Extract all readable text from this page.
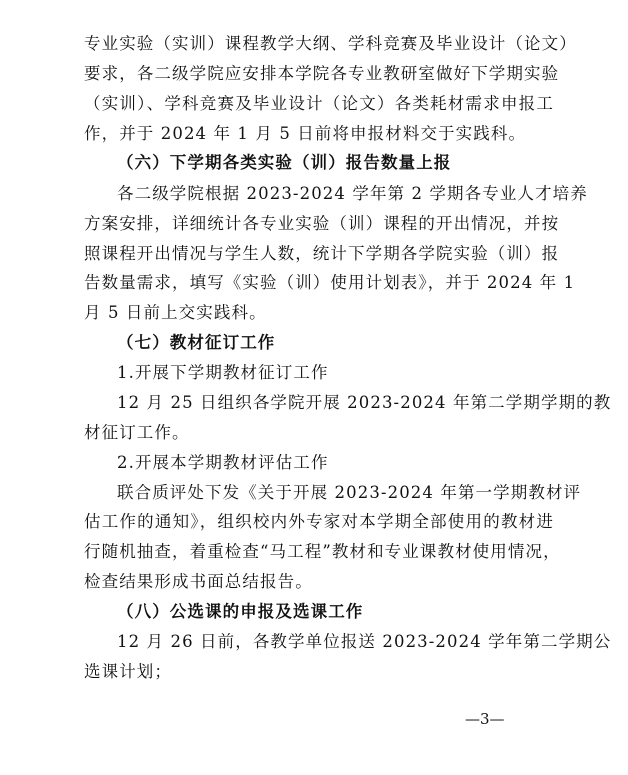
专业实验（实训）课程教学大纲、学科竞赛及毕业设计（论文）
要求，各二级学院应安排本学院各专业教研室做好下学期实验
（实训）、学科竞赛及毕业设计（论文）各类耗材需求申报工
作，并于 2024 年 1 月 5 日前将申报材料交于实践科。
（六）下学期各类实验（训）报告数量上报
各二级学院根据 2023-2024 学年第 2 学期各专业人才培养
方案安排，详细统计各专业实验（训）课程的开出情况，并按
照课程开出情况与学生人数，统计下学期各学院实验（训）报
告数量需求，填写《实验（训）使用计划表》，并于 2024 年 1
月 5 日前上交实践科。
（七）教材征订工作
1.开展下学期教材征订工作
12 月 25 日组织各学院开展 2023-2024 年第二学期学期的教
材征订工作。
2.开展本学期教材评估工作
联合质评处下发《关于开展 2023-2024 年第一学期教材评
估工作的通知》，组织校内外专家对本学期全部使用的教材进
行随机抽查，着重检查“马工程”教材和专业课教材使用情况，
检查结果形成书面总结报告。
（八）公选课的申报及选课工作
12 月 26 日前，各教学单位报送 2023-2024 学年第二学期公
选课计划；
—3—
